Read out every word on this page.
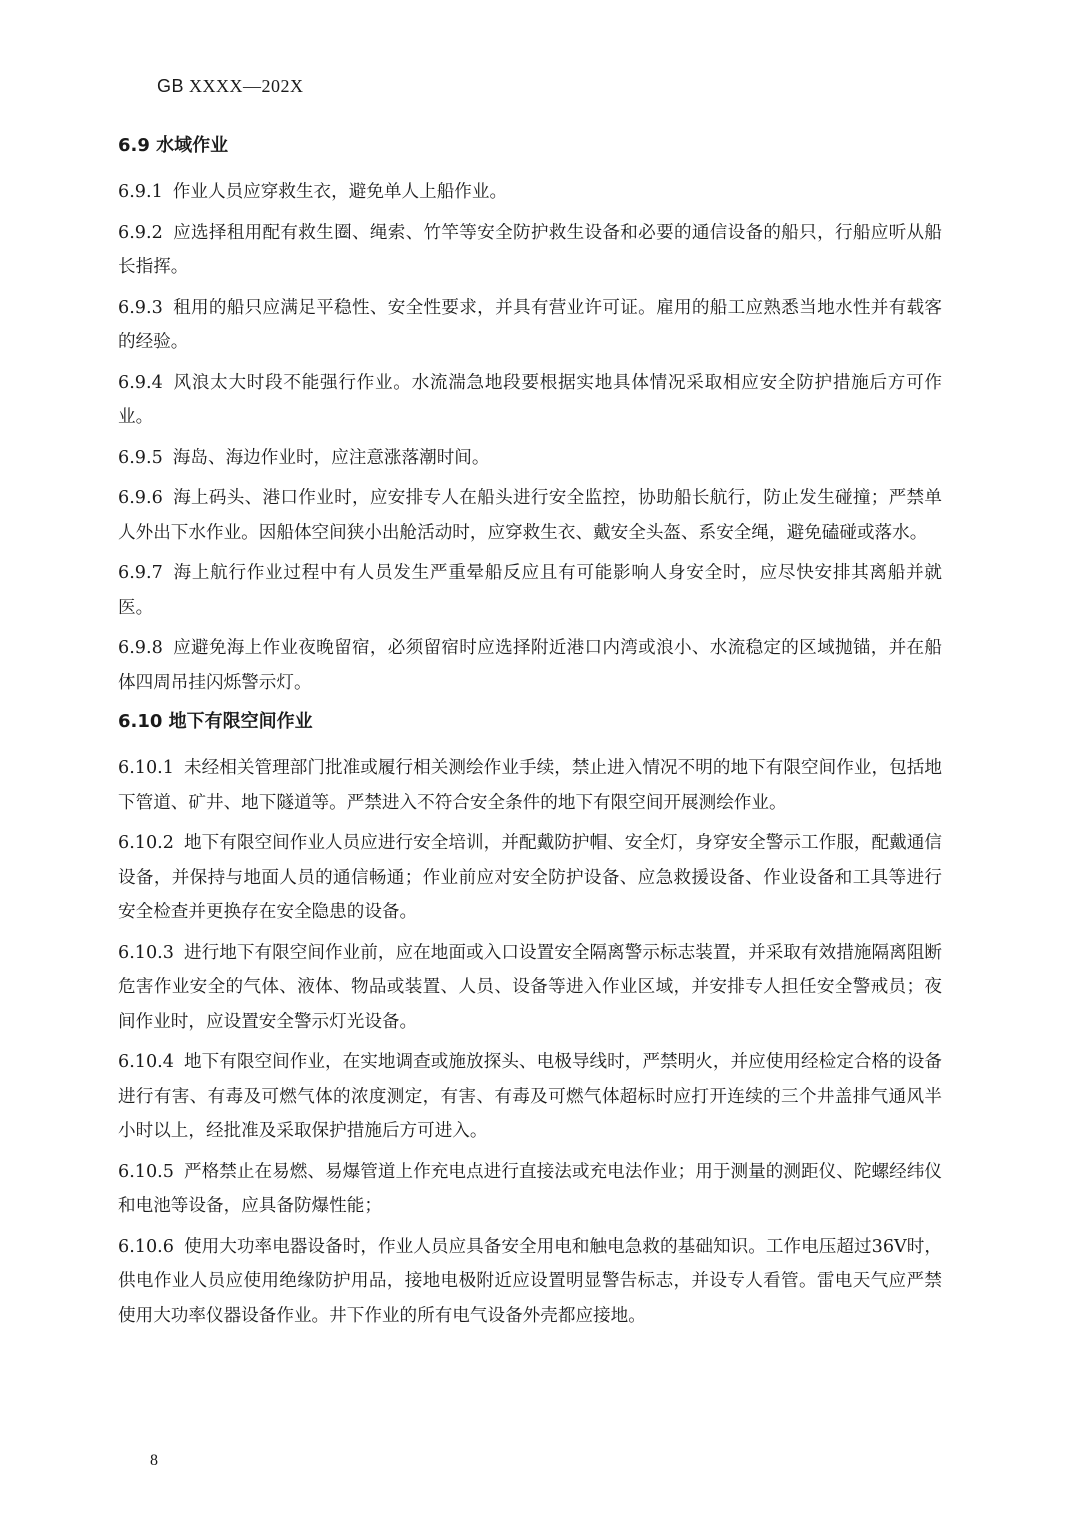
GB XXXX—202X
6.9 水域作业
6.9.1 作业人员应穿救生衣，避免单人上船作业。
6.9.2 应选择租用配有救生圈、绳索、竹竿等安全防护救生设备和必要的通信设备的船只，行船应听从船长指挥。
6.9.3 租用的船只应满足平稳性、安全性要求，并具有营业许可证。雇用的船工应熟悉当地水性并有载客的经验。
6.9.4 风浪太大时段不能强行作业。水流湍急地段要根据实地具体情况采取相应安全防护措施后方可作业。
6.9.5 海岛、海边作业时，应注意涨落潮时间。
6.9.6 海上码头、港口作业时，应安排专人在船头进行安全监控，协助船长航行，防止发生碰撞；严禁单人外出下水作业。因船体空间狭小出舱活动时，应穿救生衣、戴安全头盔、系安全绳，避免磕碰或落水。
6.9.7 海上航行作业过程中有人员发生严重晕船反应且有可能影响人身安全时，应尽快安排其离船并就医。
6.9.8 应避免海上作业夜晚留宿，必须留宿时应选择附近港口内湾或浪小、水流稳定的区域抛锚，并在船体四周吊挂闪烁警示灯。
6.10 地下有限空间作业
6.10.1 未经相关管理部门批准或履行相关测绘作业手续，禁止进入情况不明的地下有限空间作业，包括地下管道、矿井、地下隧道等。严禁进入不符合安全条件的地下有限空间开展测绘作业。
6.10.2 地下有限空间作业人员应进行安全培训，并配戴防护帽、安全灯，身穿安全警示工作服，配戴通信设备，并保持与地面人员的通信畅通；作业前应对安全防护设备、应急救援设备、作业设备和工具等进行安全检查并更换存在安全隐患的设备。
6.10.3 进行地下有限空间作业前，应在地面或入口设置安全隔离警示标志装置，并采取有效措施隔离阻断危害作业安全的气体、液体、物品或装置、人员、设备等进入作业区域，并安排专人担任安全警戒员；夜间作业时，应设置安全警示灯光设备。
6.10.4 地下有限空间作业，在实地调查或施放探头、电极导线时，严禁明火，并应使用经检定合格的设备进行有害、有毒及可燃气体的浓度测定，有害、有毒及可燃气体超标时应打开连续的三个井盖排气通风半小时以上，经批准及采取保护措施后方可进入。
6.10.5 严格禁止在易燃、易爆管道上作充电点进行直接法或充电法作业；用于测量的测距仪、陀螺经纬仪和电池等设备，应具备防爆性能；
6.10.6 使用大功率电器设备时，作业人员应具备安全用电和触电急救的基础知识。工作电压超过36V时，供电作业人员应使用绝缘防护用品，接地电极附近应设置明显警告标志，并设专人看管。雷电天气应严禁使用大功率仪器设备作业。井下作业的所有电气设备外壳都应接地。
8
